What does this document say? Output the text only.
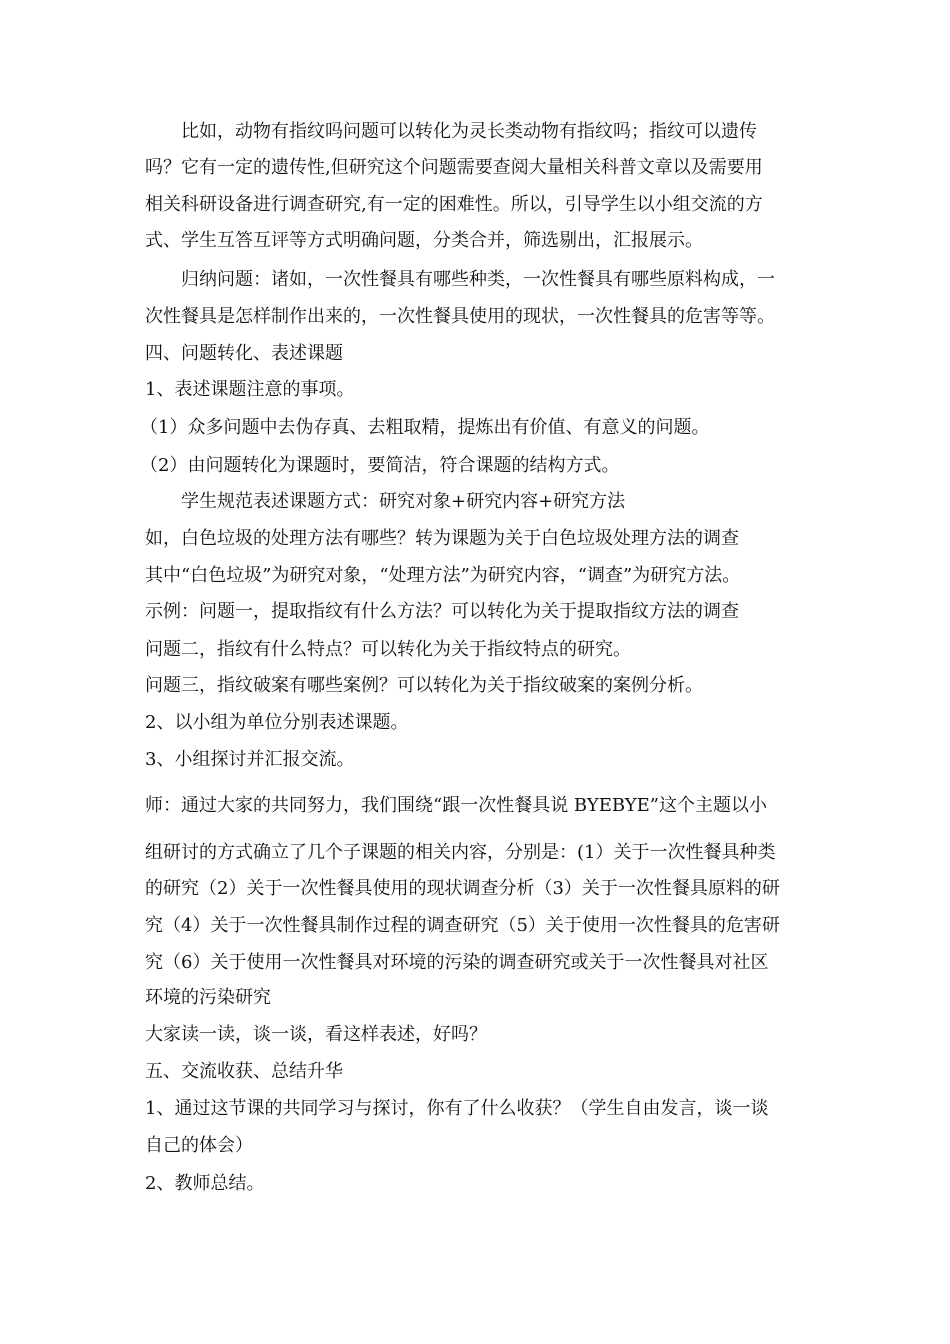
比如，动物有指纹吗问题可以转化为灵长类动物有指纹吗；指纹可以遗传
吗？它有一定的遗传性,但研究这个问题需要查阅大量相关科普文章以及需要用
相关科研设备进行调查研究,有一定的困难性。所以，引导学生以小组交流的方
式、学生互答互评等方式明确问题，分类合并，筛选剔出，汇报展示。
归纳问题：诸如，一次性餐具有哪些种类，一次性餐具有哪些原料构成，一
次性餐具是怎样制作出来的，一次性餐具使用的现状，一次性餐具的危害等等。
四、问题转化、表述课题
1、表述课题注意的事项。
（1）众多问题中去伪存真、去粗取精，提炼出有价值、有意义的问题。
（2）由问题转化为课题时，要简洁，符合课题的结构方式。
学生规范表述课题方式：研究对象+研究内容+研究方法
如，白色垃圾的处理方法有哪些？转为课题为关于白色垃圾处理方法的调查
其中“白色垃圾”为研究对象，“处理方法”为研究内容，“调查”为研究方法。
示例：问题一，提取指纹有什么方法？可以转化为关于提取指纹方法的调查
问题二，指纹有什么特点？可以转化为关于指纹特点的研究。
问题三，指纹破案有哪些案例？可以转化为关于指纹破案的案例分析。
2、以小组为单位分别表述课题。
3、小组探讨并汇报交流。
师：通过大家的共同努力，我们围绕“跟一次性餐具说 BYEBYE”这个主题以小
组研讨的方式确立了几个子课题的相关内容，分别是：(1）关于一次性餐具种类
的研究（2）关于一次性餐具使用的现状调查分析（3）关于一次性餐具原料的研
究（4）关于一次性餐具制作过程的调查研究（5）关于使用一次性餐具的危害研
究（6）关于使用一次性餐具对环境的污染的调查研究或关于一次性餐具对社区
环境的污染研究
大家读一读，谈一谈，看这样表述，好吗？
五、交流收获、总结升华
1、通过这节课的共同学习与探讨，你有了什么收获？（学生自由发言，谈一谈
自己的体会）
2、教师总结。
